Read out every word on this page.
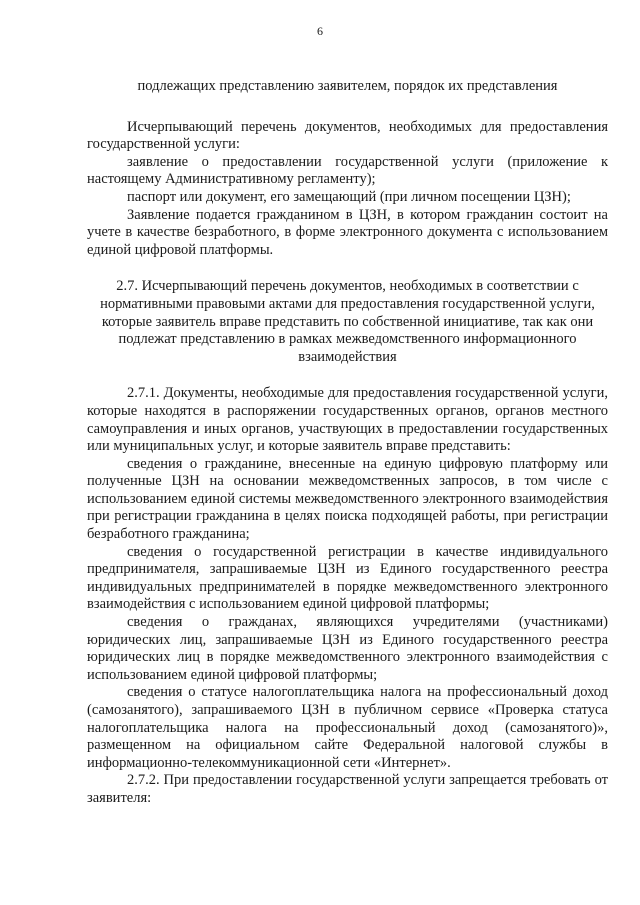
6

подлежащих представлению заявителем, порядок их представления

Исчерпывающий перечень документов, необходимых для предоставления государственной услуги:

заявление о предоставлении государственной услуги (приложение к настоящему Административному регламенту);

паспорт или документ, его замещающий (при личном посещении ЦЗН);

Заявление подается гражданином в ЦЗН, в котором гражданин состоит на учете в качестве безработного, в форме электронного документа с использованием единой цифровой платформы.

2.7. Исчерпывающий перечень документов, необходимых в соответствии с нормативными правовыми актами для предоставления государственной услуги, которые заявитель вправе представить по собственной инициативе, так как они подлежат представлению в рамках межведомственного информационного взаимодействия

2.7.1. Документы, необходимые для предоставления государственной услуги, которые находятся в распоряжении государственных органов, органов местного самоуправления и иных органов, участвующих в предоставлении государственных или муниципальных услуг, и которые заявитель вправе представить:

сведения о гражданине, внесенные на единую цифровую платформу или полученные ЦЗН на основании межведомственных запросов, в том числе с использованием единой системы межведомственного электронного взаимодействия при регистрации гражданина в целях поиска подходящей работы, при регистрации безработного гражданина;

сведения о государственной регистрации в качестве индивидуального предпринимателя, запрашиваемые ЦЗН из Единого государственного реестра индивидуальных предпринимателей в порядке межведомственного электронного взаимодействия с использованием единой цифровой платформы;

сведения о гражданах, являющихся учредителями (участниками) юридических лиц, запрашиваемые ЦЗН из Единого государственного реестра юридических лиц в порядке межведомственного электронного взаимодействия с использованием единой цифровой платформы;

сведения о статусе налогоплательщика налога на профессиональный доход (самозанятого), запрашиваемого ЦЗН в публичном сервисе «Проверка статуса налогоплательщика налога на профессиональный доход (самозанятого)», размещенном на официальном сайте Федеральной налоговой службы в информационно-телекоммуникационной сети «Интернет».

2.7.2. При предоставлении государственной услуги запрещается требовать от заявителя:
